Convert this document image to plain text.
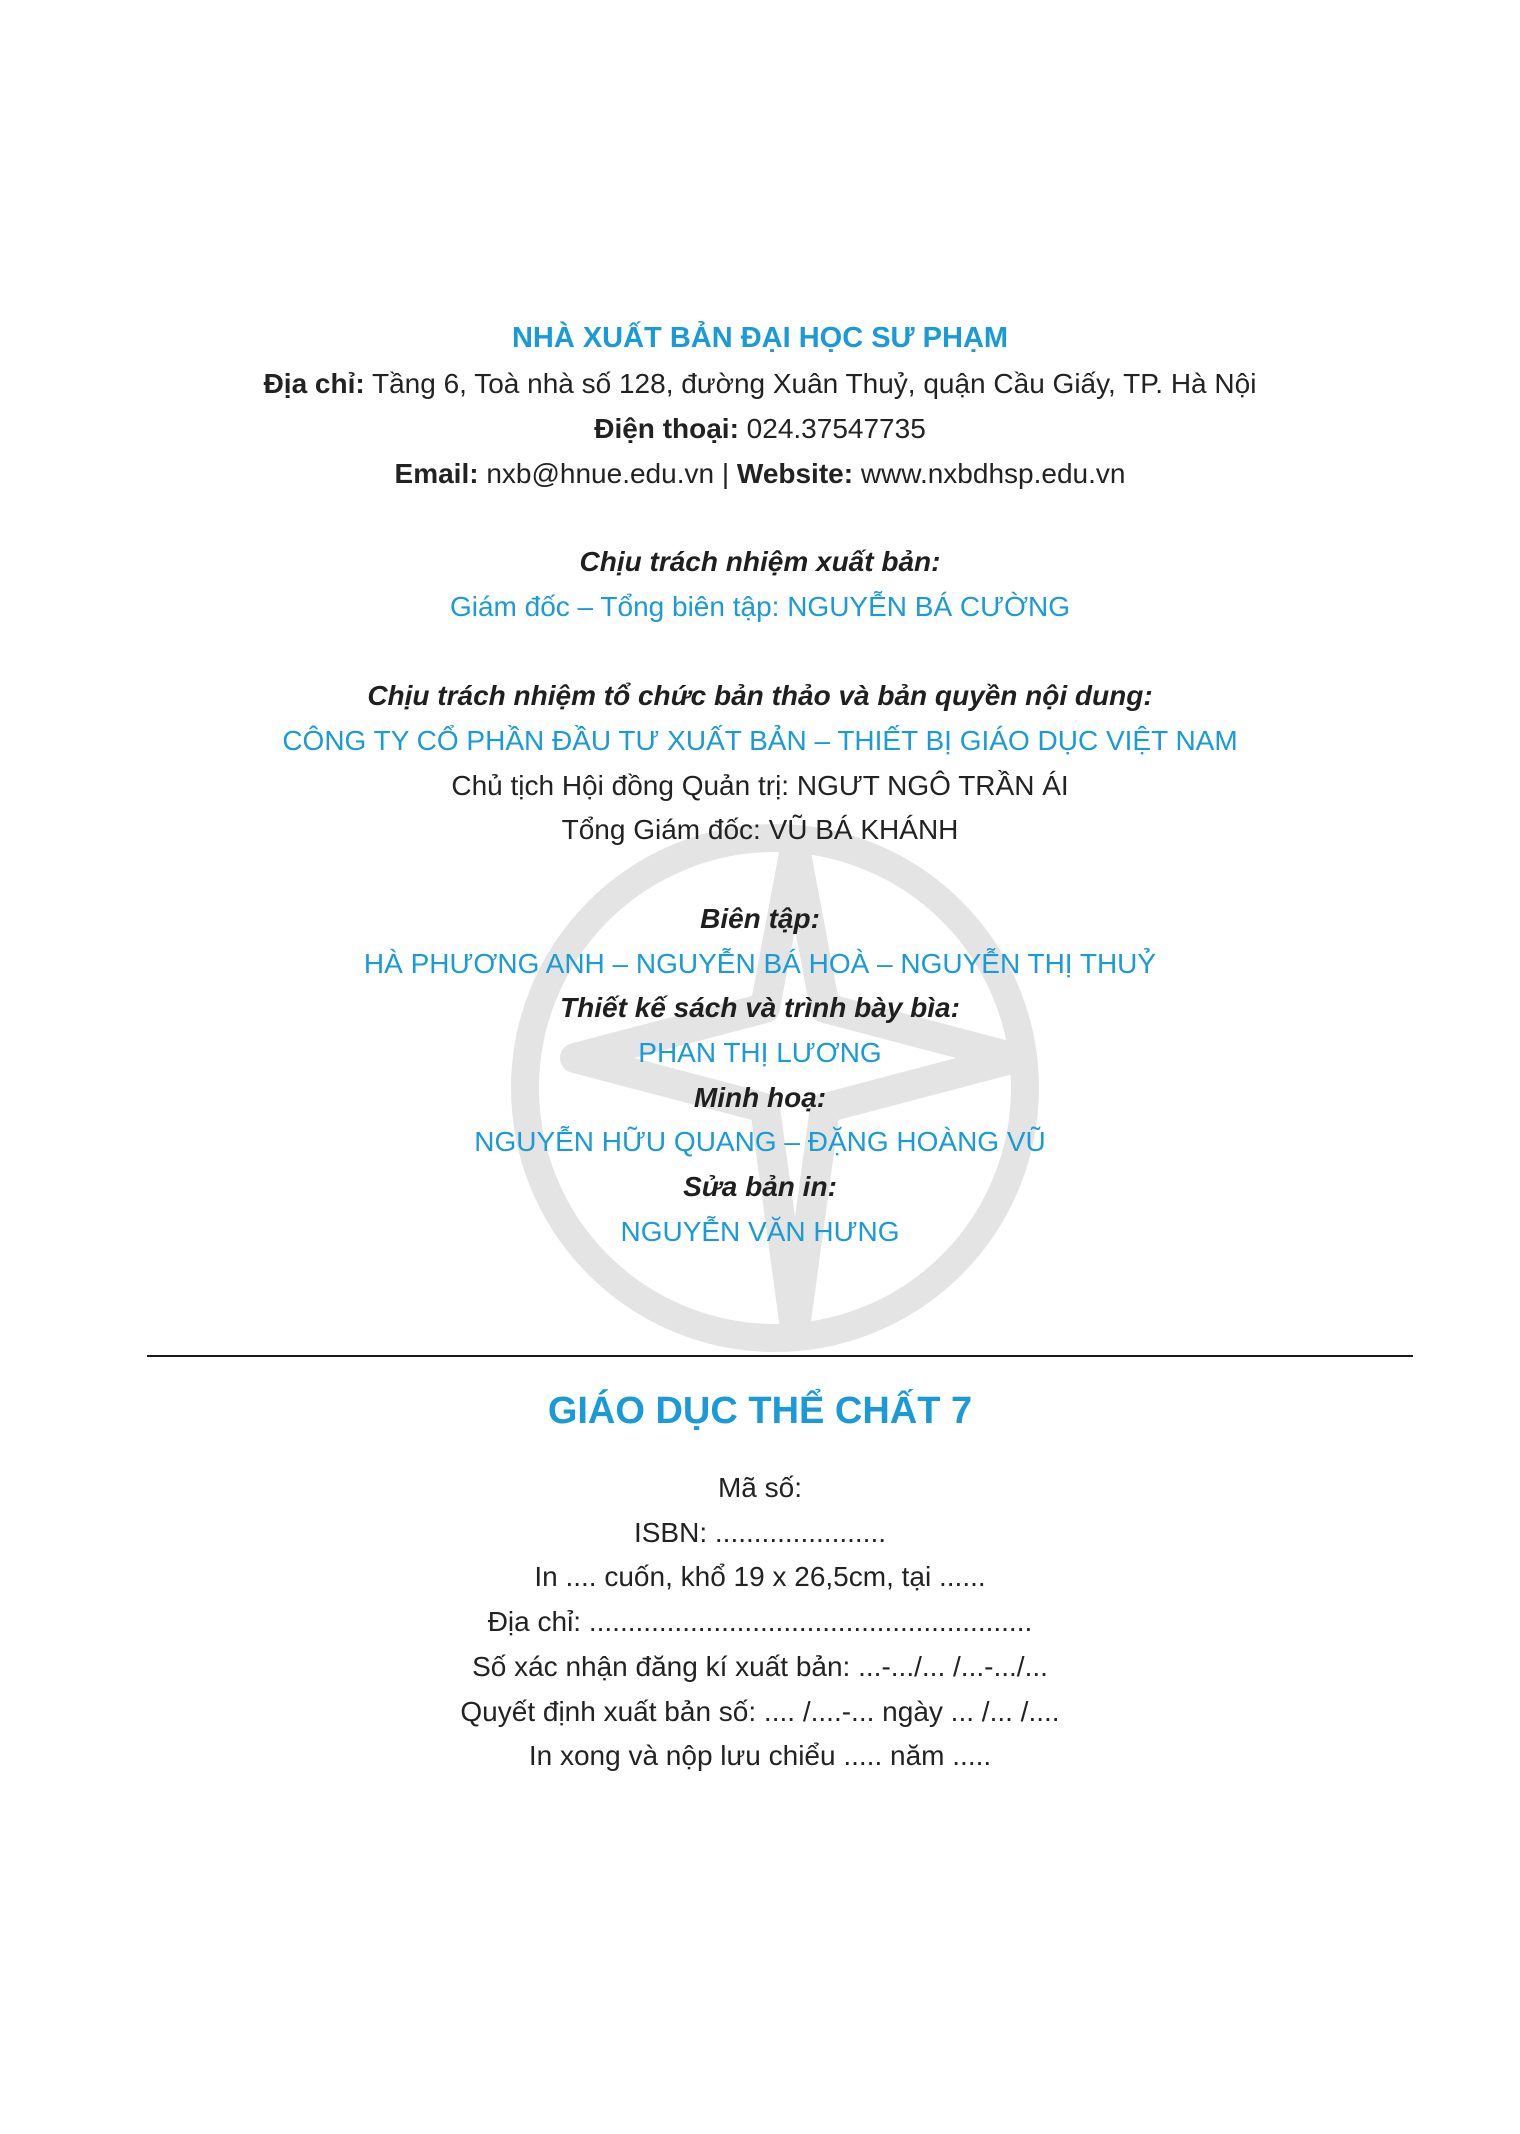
NHÀ XUẤT BẢN ĐẠI HỌC SƯ PHẠM
Địa chỉ: Tầng 6, Toà nhà số 128, đường Xuân Thuỷ, quận Cầu Giấy, TP. Hà Nội
Điện thoại: 024.37547735
Email: nxb@hnue.edu.vn | Website: www.nxbdhsp.edu.vn
Chịu trách nhiệm xuất bản:
Giám đốc – Tổng biên tập: NGUYỄN BÁ CƯỜNG
Chịu trách nhiệm tổ chức bản thảo và bản quyền nội dung:
CÔNG TY CỔ PHẦN ĐẦU TƯ XUẤT BẢN – THIẾT BỊ GIÁO DỤC VIỆT NAM
Chủ tịch Hội đồng Quản trị: NGƯT NGÔ TRẦN ÁI
Tổng Giám đốc: VŨ BÁ KHÁNH
Biên tập:
HÀ PHƯƠNG ANH – NGUYỄN BÁ HOÀ – NGUYỄN THỊ THUỶ
Thiết kế sách và trình bày bìa:
PHAN THỊ LƯƠNG
Minh hoạ:
NGUYỄN HỮU QUANG – ĐẶNG HOÀNG VŨ
Sửa bản in:
NGUYỄN VĂN HƯNG
GIÁO DỤC THỂ CHẤT 7
Mã số:
ISBN: ......................
In .... cuốn, khổ 19 x 26,5cm, tại ......
Địa chỉ: .........................................................
Số xác nhận đăng kí xuất bản: ...-.../... /...-.../...
Quyết định xuất bản số: .... /....-... ngày ... /... /....
In xong và nộp lưu chiểu ..... năm .....
